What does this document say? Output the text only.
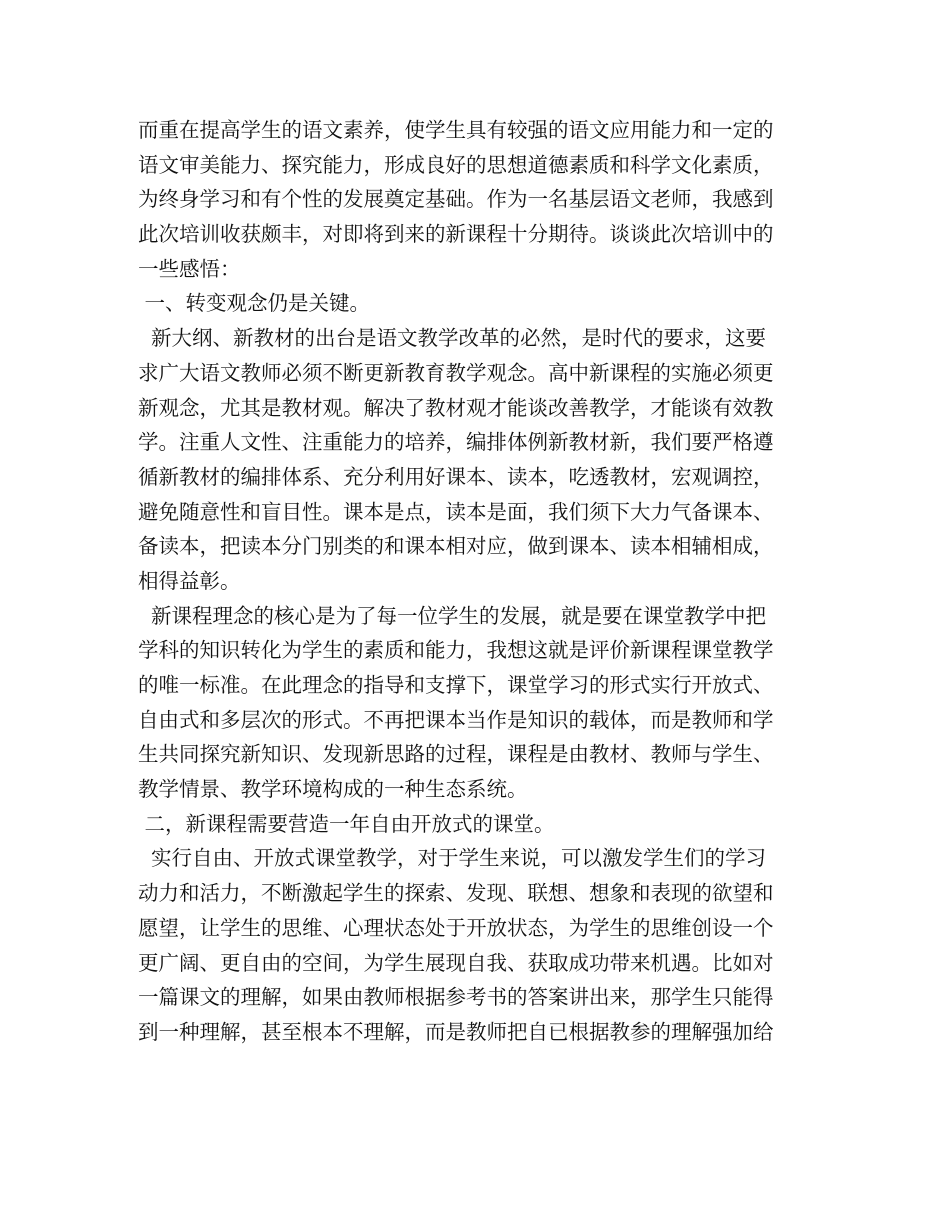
而重在提高学生的语文素养，使学生具有较强的语文应用能力和一定的
语文审美能力、探究能力，形成良好的思想道德素质和科学文化素质，
为终身学习和有个性的发展奠定基础。作为一名基层语文老师，我感到
此次培训收获颇丰，对即将到来的新课程十分期待。谈谈此次培训中的
一些感悟：
一、转变观念仍是关键。
新大纲、新教材的出台是语文教学改革的必然，是时代的要求，这要
求广大语文教师必须不断更新教育教学观念。高中新课程的实施必须更
新观念，尤其是教材观。解决了教材观才能谈改善教学，才能谈有效教
学。注重人文性、注重能力的培养，编排体例新教材新，我们要严格遵
循新教材的编排体系、充分利用好课本、读本，吃透教材，宏观调控，
避免随意性和盲目性。课本是点，读本是面，我们须下大力气备课本、
备读本，把读本分门别类的和课本相对应，做到课本、读本相辅相成，
相得益彰。
新课程理念的核心是为了每一位学生的发展，就是要在课堂教学中把
学科的知识转化为学生的素质和能力，我想这就是评价新课程课堂教学
的唯一标准。在此理念的指导和支撑下，课堂学习的形式实行开放式、
自由式和多层次的形式。不再把课本当作是知识的载体，而是教师和学
生共同探究新知识、发现新思路的过程，课程是由教材、教师与学生、
教学情景、教学环境构成的一种生态系统。
二，新课程需要营造一年自由开放式的课堂。
实行自由、开放式课堂教学，对于学生来说，可以激发学生们的学习
动力和活力，不断激起学生的探索、发现、联想、想象和表现的欲望和
愿望，让学生的思维、心理状态处于开放状态，为学生的思维创设一个
更广阔、更自由的空间，为学生展现自我、获取成功带来机遇。比如对
一篇课文的理解，如果由教师根据参考书的答案讲出来，那学生只能得
到一种理解，甚至根本不理解，而是教师把自已根据教参的理解强加给
